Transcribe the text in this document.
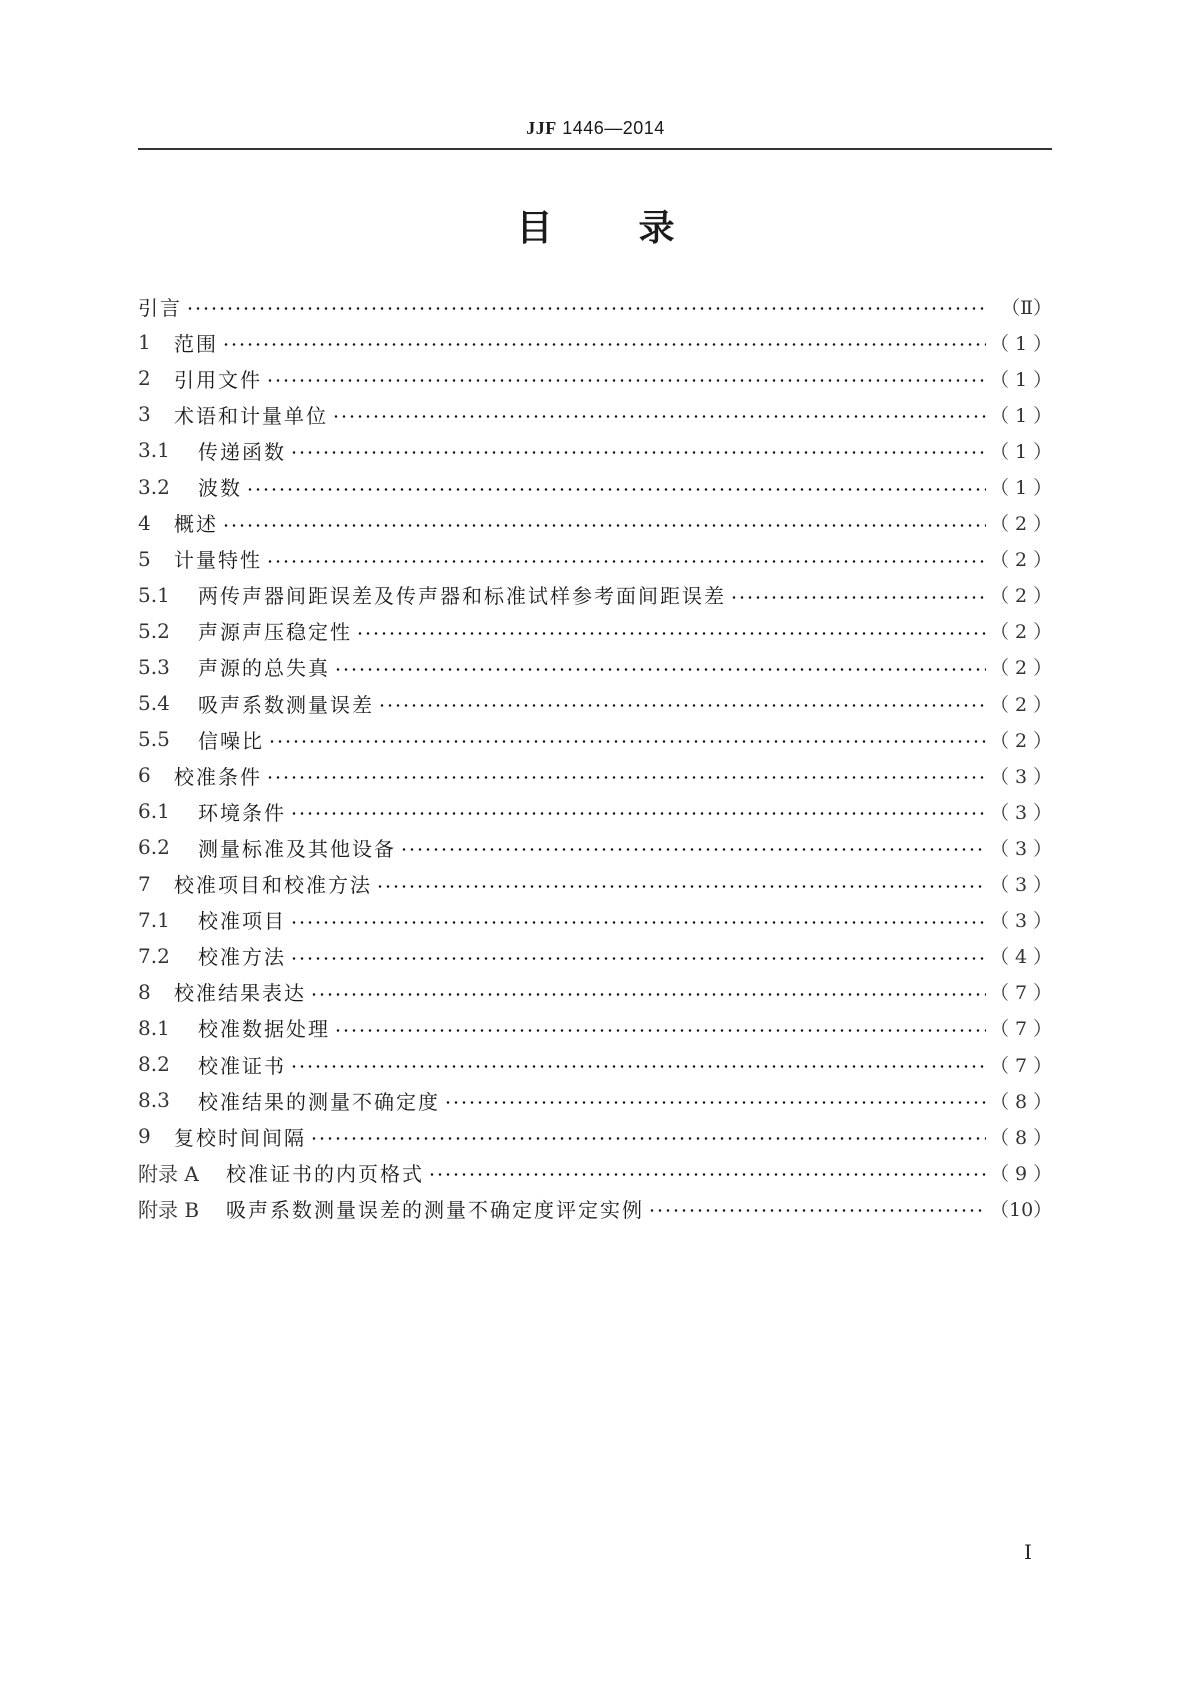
JJF 1446—2014
目录
引言	（Ⅱ）
1	范围	（ 1 ）
2	引用文件	（ 1 ）
3	术语和计量单位	（ 1 ）
3.1	传递函数	（ 1 ）
3.2	波数	（ 1 ）
4	概述	（ 2 ）
5	计量特性	（ 2 ）
5.1	两传声器间距误差及传声器和标准试样参考面间距误差	（ 2 ）
5.2	声源声压稳定性	（ 2 ）
5.3	声源的总失真	（ 2 ）
5.4	吸声系数测量误差	（ 2 ）
5.5	信噪比	（ 2 ）
6	校准条件	（ 3 ）
6.1	环境条件	（ 3 ）
6.2	测量标准及其他设备	（ 3 ）
7	校准项目和校准方法	（ 3 ）
7.1	校准项目	（ 3 ）
7.2	校准方法	（ 4 ）
8	校准结果表达	（ 7 ）
8.1	校准数据处理	（ 7 ）
8.2	校准证书	（ 7 ）
8.3	校准结果的测量不确定度	（ 8 ）
9	复校时间间隔	（ 8 ）
附录 A	校准证书的内页格式	（ 9 ）
附录 B	吸声系数测量误差的测量不确定度评定实例	（10）
Ⅰ
